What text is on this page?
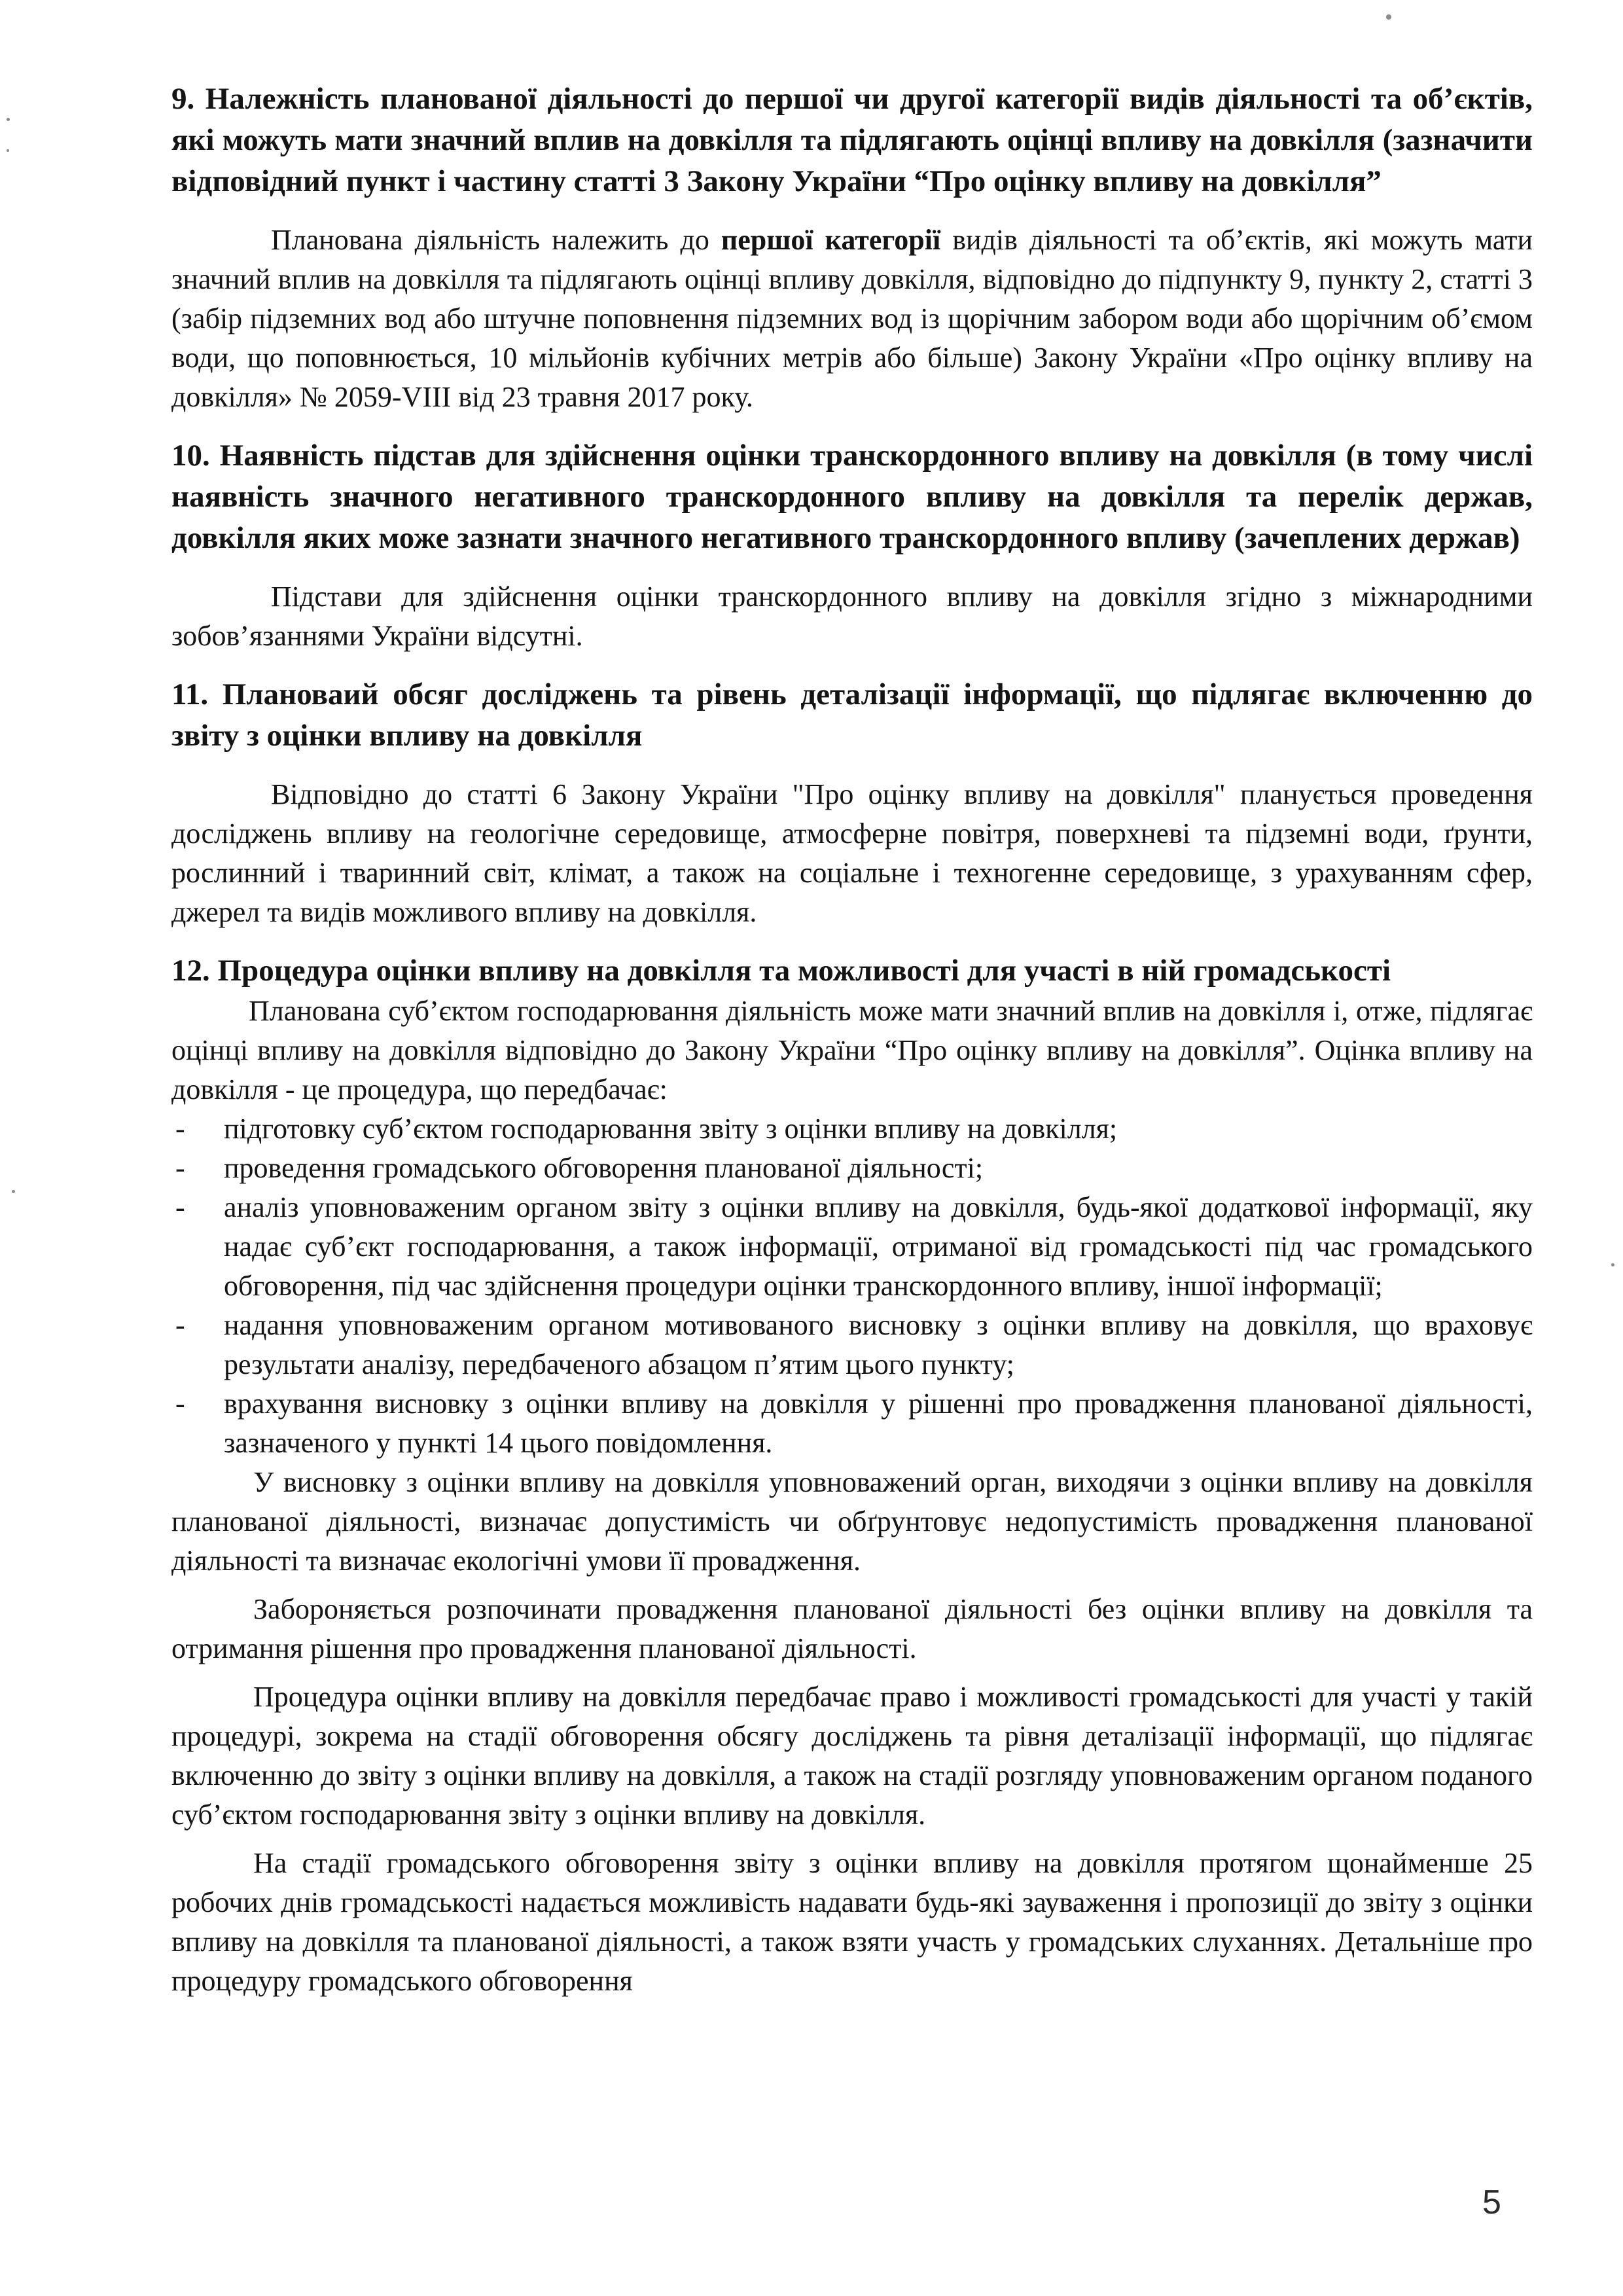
9. Належність планованої діяльності до першої чи другої категорії видів діяльності та об’єктів, які можуть мати значний вплив на довкілля та підлягають оцінці впливу на довкілля (зазначити відповідний пункт і частину статті 3 Закону України “Про оцінку впливу на довкілля”

Планована діяльність належить до першої категорії видів діяльності та об’єктів, які можуть мати значний вплив на довкілля та підлягають оцінці впливу довкілля, відповідно до підпункту 9, пункту 2, статті 3 (забір підземних вод або штучне поповнення підземних вод із щорічним забором води або щорічним об’ємом води, що поповнюється, 10 мільйонів кубічних метрів або більше) Закону України «Про оцінку впливу на довкілля» № 2059-VIII від 23 травня 2017 року.

10. Наявність підстав для здійснення оцінки транскордонного впливу на довкілля (в тому числі наявність значного негативного транскордонного впливу на довкілля та перелік держав, довкілля яких може зазнати значного негативного транскордонного впливу (зачеплених держав)

Підстави для здійснення оцінки транскордонного впливу на довкілля згідно з міжнародними зобов’язаннями України відсутні.

11. Плановаий обсяг досліджень та рівень деталізації інформації, що підлягає включенню до звіту з оцінки впливу на довкілля

Відповідно до статті 6 Закону України "Про оцінку впливу на довкілля" планується проведення досліджень впливу на геологічне середовище, атмосферне повітря, поверхневі та підземні води, ґрунти, рослинний і тваринний світ, клімат, а також на соціальне і техногенне середовище, з урахуванням сфер, джерел та видів можливого впливу на довкілля.

12. Процедура оцінки впливу на довкілля та можливості для участі в ній громадськості

Планована суб’єктом господарювання діяльність може мати значний вплив на довкілля і, отже, підлягає оцінці впливу на довкілля відповідно до Закону України “Про оцінку впливу на довкілля”. Оцінка впливу на довкілля - це процедура, що передбачає:

- підготовку суб’єктом господарювання звіту з оцінки впливу на довкілля;
- проведення громадського обговорення планованої діяльності;
- аналіз уповноваженим органом звіту з оцінки впливу на довкілля, будь-якої додаткової інформації, яку надає суб’єкт господарювання, а також інформації, отриманої від громадськості під час громадського обговорення, під час здійснення процедури оцінки транскордонного впливу, іншої інформації;
- надання уповноваженим органом мотивованого висновку з оцінки впливу на довкілля, що враховує результати аналізу, передбаченого абзацом п’ятим цього пункту;
- врахування висновку з оцінки впливу на довкілля у рішенні про провадження планованої діяльності, зазначеного у пункті 14 цього повідомлення.

У висновку з оцінки впливу на довкілля уповноважений орган, виходячи з оцінки впливу на довкілля планованої діяльності, визначає допустимість чи обґрунтовує недопустимість провадження планованої діяльності та визначає екологічні умови її провадження.

Забороняється розпочинати провадження планованої діяльності без оцінки впливу на довкілля та отримання рішення про провадження планованої діяльності.

Процедура оцінки впливу на довкілля передбачає право і можливості громадськості для участі у такій процедурі, зокрема на стадії обговорення обсягу досліджень та рівня деталізації інформації, що підлягає включенню до звіту з оцінки впливу на довкілля, а також на стадії розгляду уповноваженим органом поданого суб’єктом господарювання звіту з оцінки впливу на довкілля.

На стадії громадського обговорення звіту з оцінки впливу на довкілля протягом щонайменше 25 робочих днів громадськості надається можливість надавати будь-які зауваження і пропозиції до звіту з оцінки впливу на довкілля та планованої діяльності, а також взяти участь у громадських слуханнях. Детальніше про процедуру громадського обговорення

5
